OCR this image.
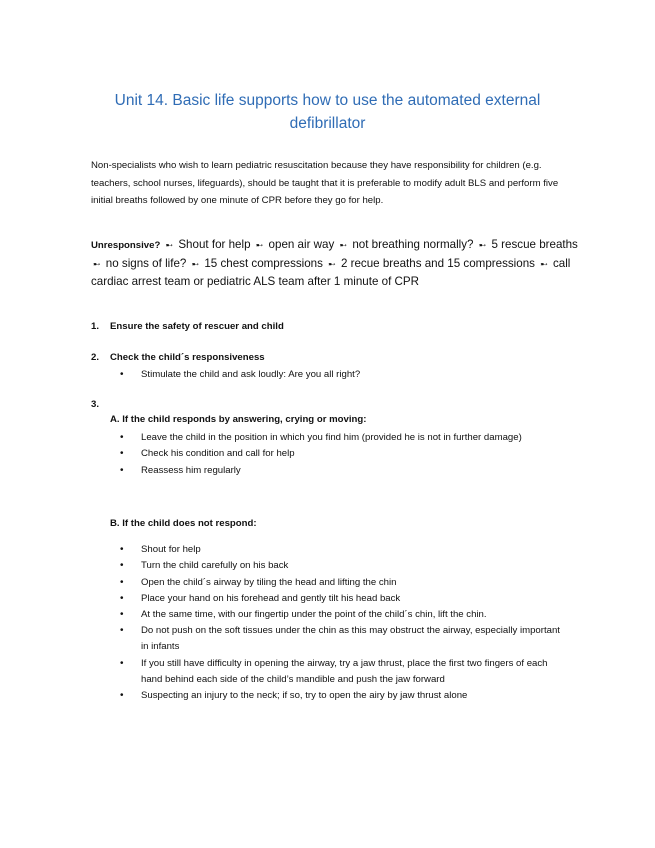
Unit 14. Basic life supports how to use the automated external defibrillator
Non-specialists who wish to learn pediatric resuscitation because they have responsibility for children (e.g. teachers, school nurses, lifeguards), should be taught that it is preferable to modify adult BLS and perform five initial breaths followed by one minute of CPR before they go for help.
Unresponsive? ➸ Shout for help ➸ open air way ➸ not breathing normally? ➸ 5 rescue breaths ➸ no signs of life? ➸ 15 chest compressions ➸ 2 recue breaths and 15 compressions ➸ call cardiac arrest team or pediatric ALS team after 1 minute of CPR
1. Ensure the safety of rescuer and child
2. Check the child´s responsiveness
• Stimulate the child and ask loudly: Are you all right?
3.
A. If the child responds by answering, crying or moving:
• Leave the child in the position in which you find him (provided he is not in further damage)
• Check his condition and call for help
• Reassess him regularly
B. If the child does not respond:
• Shout for help
• Turn the child carefully on his back
• Open the child´s airway by tiling the head and lifting the chin
• Place your hand on his forehead and gently tilt his head back
• At the same time, with our fingertip under the point of the child´s chin, lift the chin.
• Do not push on the soft tissues under the chin as this may obstruct the airway, especially important in infants
• If you still have difficulty in opening the airway, try a jaw thrust, place the first two fingers of each hand behind each side of the child’s mandible and push the jaw forward
• Suspecting an injury to the neck; if so, try to open the airy by jaw thrust alone
